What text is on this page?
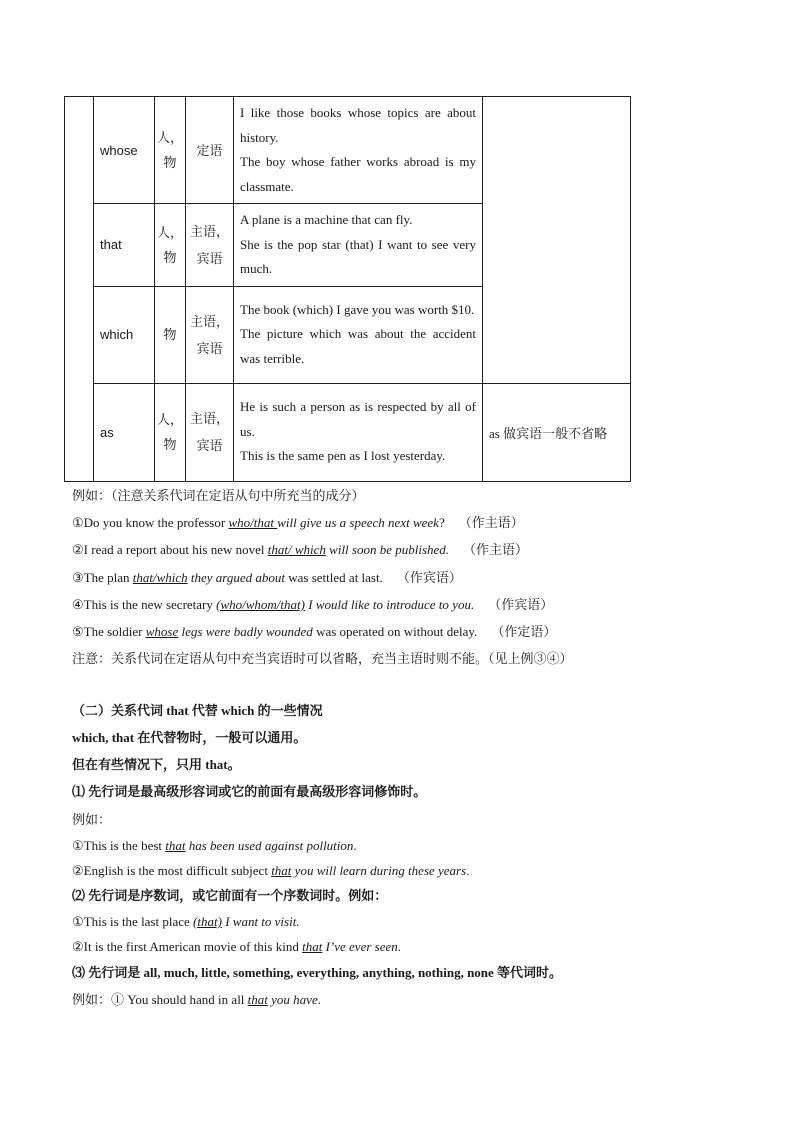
	whose	人，物	定语	I like those books whose topics are about history.
The boy whose father works abroad is my classmate.	

	that	人，物	主语，宾语	A plane is a machine that can fly.
She is the pop star (that) I want to see very much.	

	which	物	主语，宾语	The book (which) I gave you was worth $10.
The picture which was about the accident was terrible.	

	as	人，物	主语，宾语	He is such a person as is respected by all of us.
This is the same pen as I lost yesterday.	as 做宾语一般不省略
例如：（注意关系代词在定语从句中所充当的成分）
①Do you know the professor who/that will give us a speech next week? （作主语）
②I read a report about his new novel that/ which will soon be published. （作主语）
③The plan that/which they argued about was settled at last. （作宾语）
④This is the new secretary (who/whom/that) I would like to introduce to you. （作宾语）
⑤The soldier whose legs were badly wounded was operated on without delay. （作定语）
注意：关系代词在定语从句中充当宾语时可以省略，充当主语时则不能。（见上例③④）
（二）关系代词 that 代替 which 的一些情况
which, that 在代替物时，一般可以通用。
但在有些情况下，只用 that。
⑴ 先行词是最高级形容词或它的前面有最高级形容词修饰时。
例如：
①This is the best that has been used against pollution.
②English is the most difficult subject that you will learn during these years.
⑵ 先行词是序数词，或它前面有一个序数词时。例如：
①This is the last place (that) I want to visit.
②It is the first American movie of this kind that I’ve ever seen.
⑶ 先行词是 all, much, little, something, everything, anything, nothing, none 等代词时。
例如：① You should hand in all that you have.
